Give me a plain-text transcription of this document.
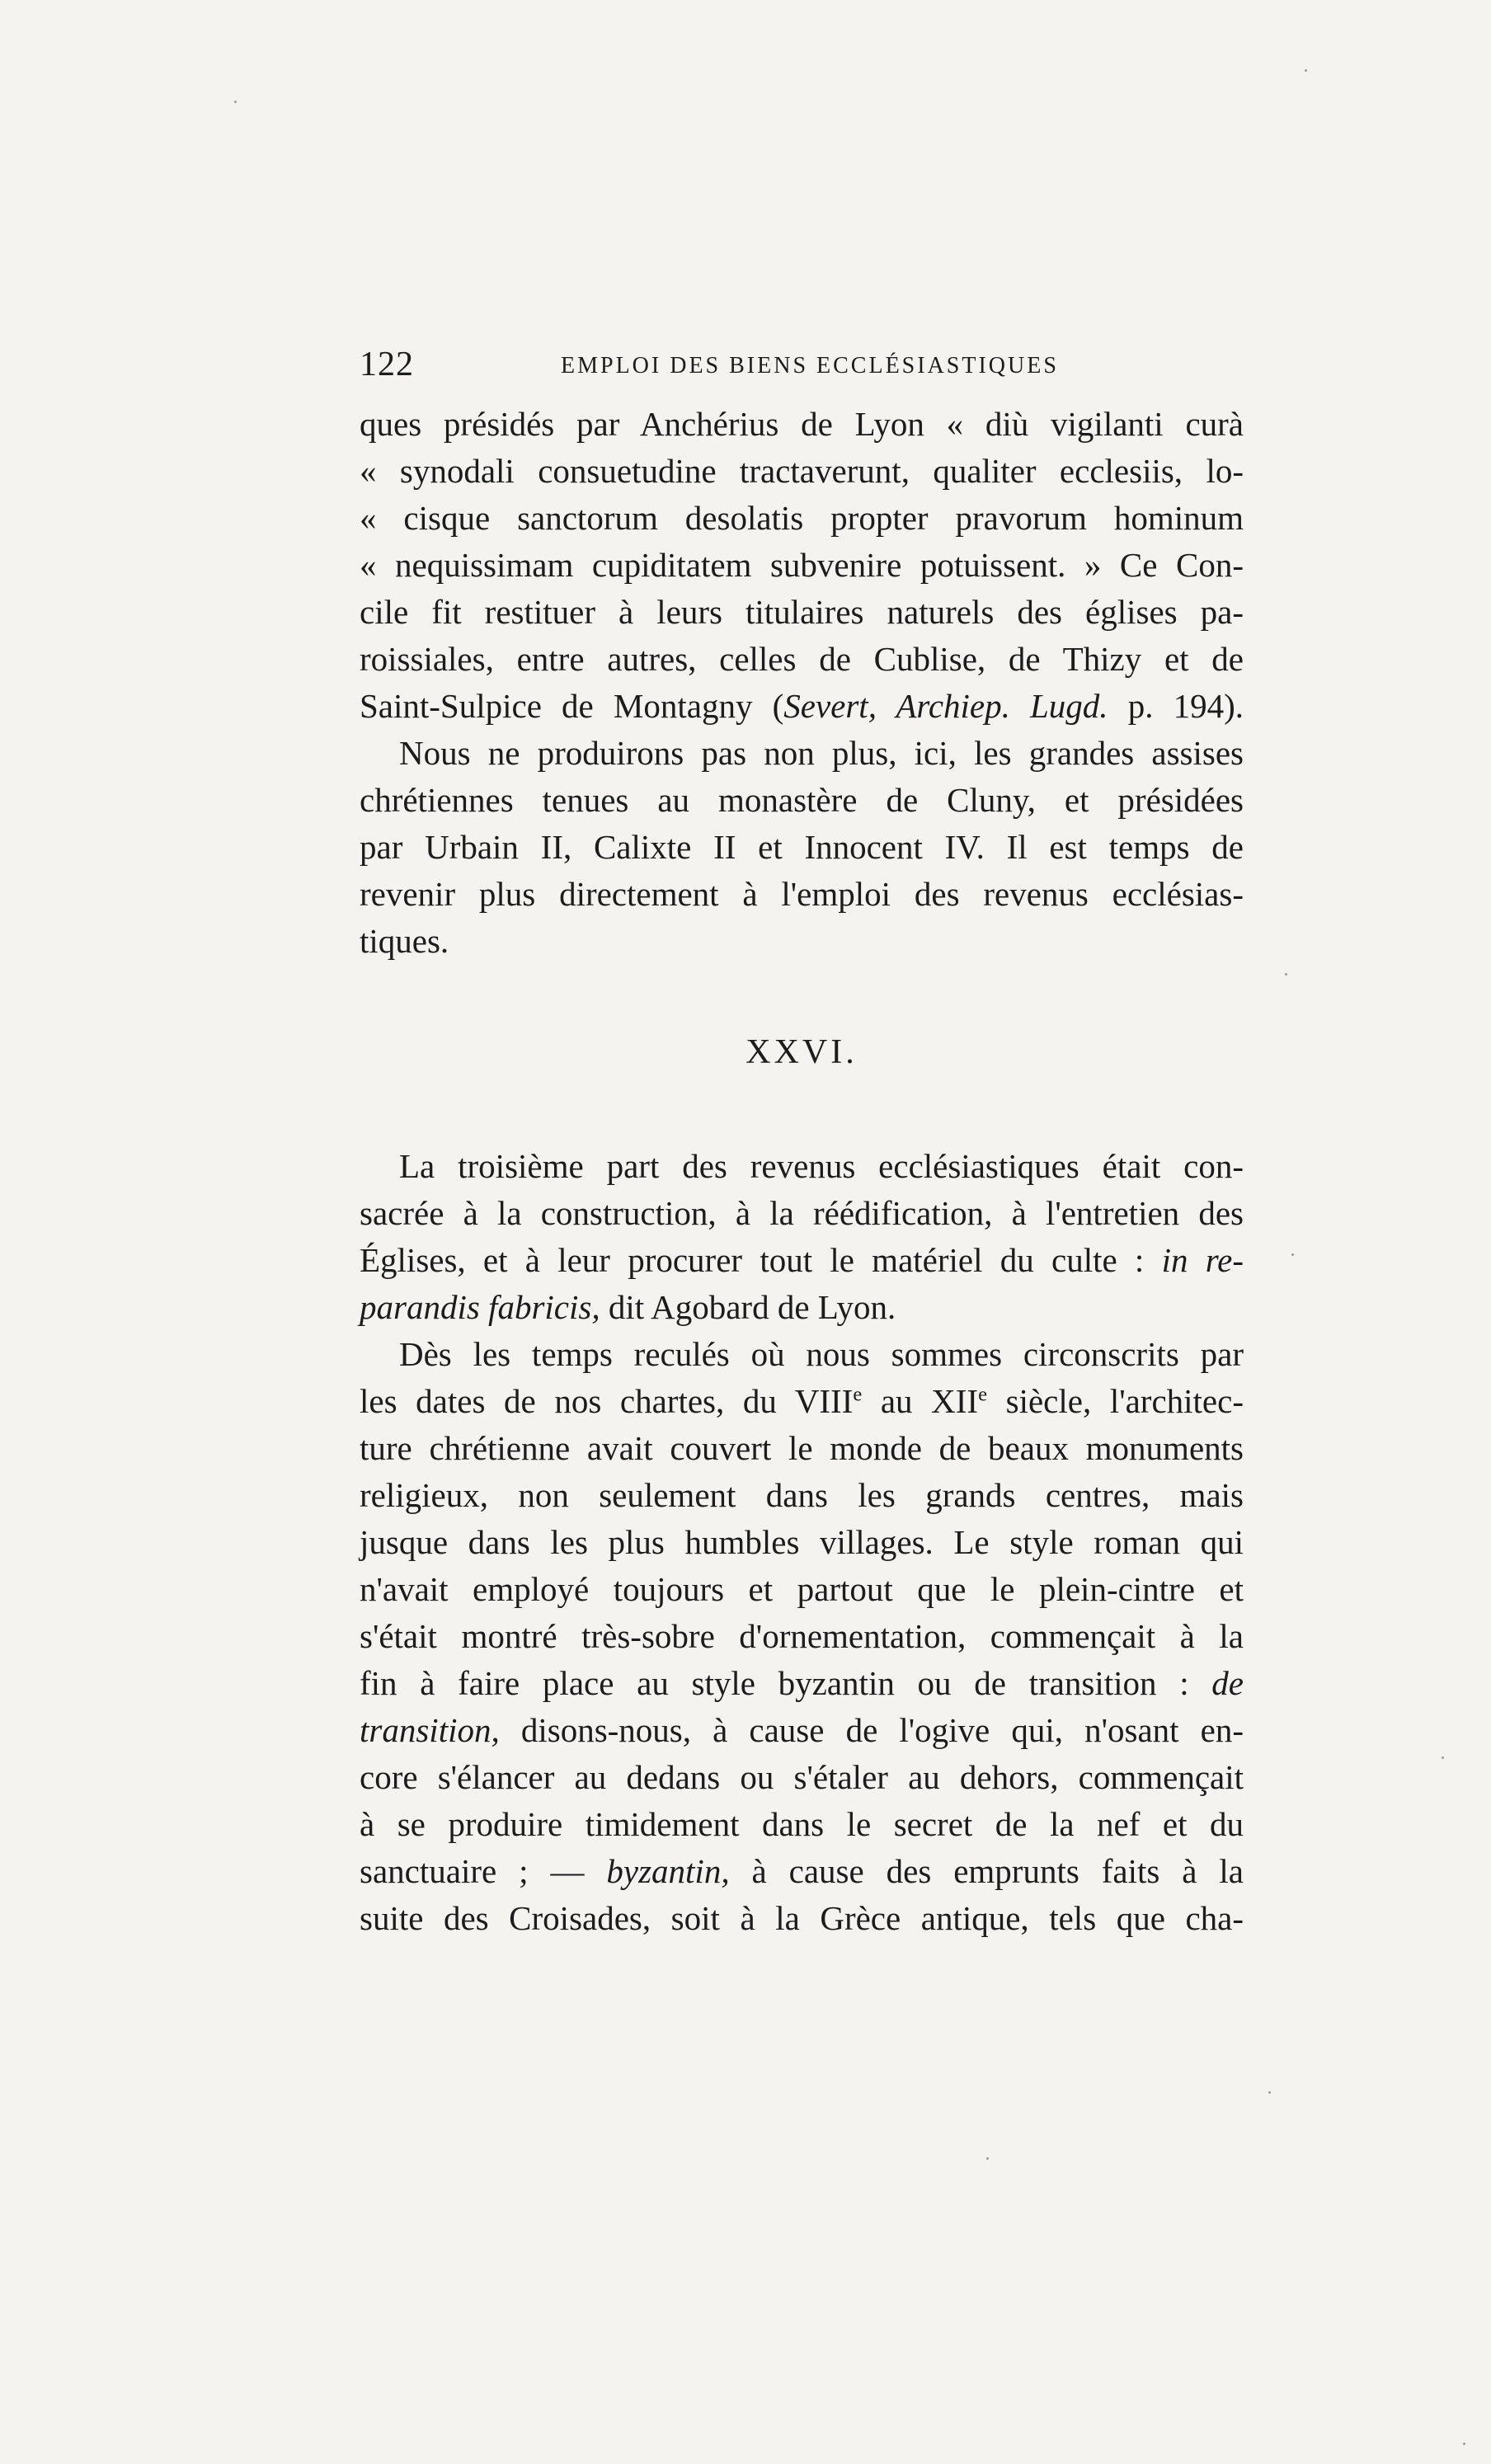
122	EMPLOI DES BIENS ECCLÉSIASTIQUES
ques présidés par Anchérius de Lyon « diù vigilanti curà
« synodali consuetudine tractaverunt, qualiter ecclesiis, lo-
« cisque sanctorum desolatis propter pravorum hominum
« nequissimam cupiditatem subvenire potuissent. » Ce Con-
cile fit restituer à leurs titulaires naturels des églises pa-
roissiales, entre autres, celles de Cublise, de Thizy et de
Saint-Sulpice de Montagny (Severt, Archiep. Lugd. p. 194).
Nous ne produirons pas non plus, ici, les grandes assises
chrétiennes tenues au monastère de Cluny, et présidées
par Urbain II, Calixte II et Innocent IV. Il est temps de
revenir plus directement à l'emploi des revenus ecclésias-
tiques.
XXVI.
La troisième part des revenus ecclésiastiques était con-
sacrée à la construction, à la réédification, à l'entretien des
Églises, et à leur procurer tout le matériel du culte : in re-
parandis fabricis, dit Agobard de Lyon.
Dès les temps reculés où nous sommes circonscrits par
les dates de nos chartes, du VIIIe au XIIe siècle, l'architec-
ture chrétienne avait couvert le monde de beaux monuments
religieux, non seulement dans les grands centres, mais
jusque dans les plus humbles villages. Le style roman qui
n'avait employé toujours et partout que le plein-cintre et
s'était montré très-sobre d'ornementation, commençait à la
fin à faire place au style byzantin ou de transition : de
transition, disons-nous, à cause de l'ogive qui, n'osant en-
core s'élancer au dedans ou s'étaler au dehors, commençait
à se produire timidement dans le secret de la nef et du
sanctuaire ; — byzantin, à cause des emprunts faits à la
suite des Croisades, soit à la Grèce antique, tels que cha-
